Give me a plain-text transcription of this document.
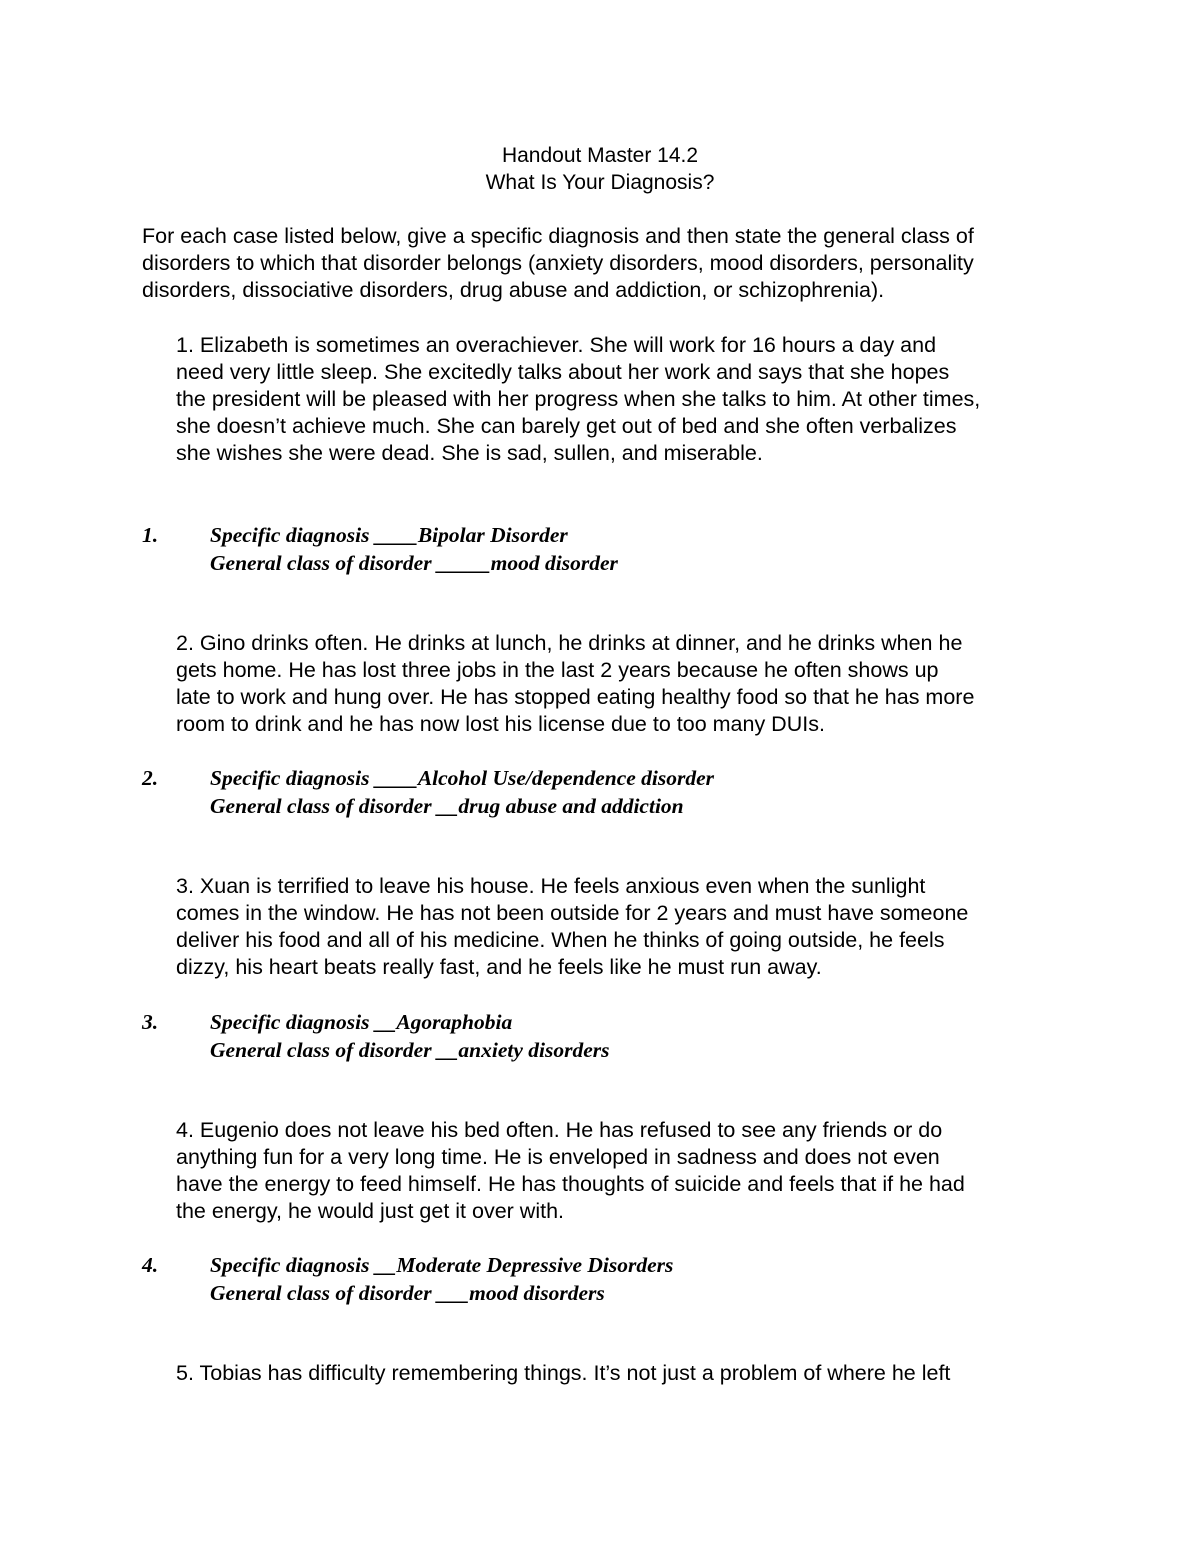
Handout Master 14.2
What Is Your Diagnosis?
For each case listed below, give a specific diagnosis and then state the general class of
disorders to which that disorder belongs (anxiety disorders, mood disorders, personality
disorders, dissociative disorders, drug abuse and addiction, or schizophrenia).
1. Elizabeth is sometimes an overachiever. She will work for 16 hours a day and
need very little sleep. She excitedly talks about her work and says that she hopes
the president will be pleased with her progress when she talks to him. At other times,
she doesn’t achieve much. She can barely get out of bed and she often verbalizes
she wishes she were dead. She is sad, sullen, and miserable.
1. Specific diagnosis ____Bipolar Disorder
General class of disorder _____mood disorder
2. Gino drinks often. He drinks at lunch, he drinks at dinner, and he drinks when he
gets home. He has lost three jobs in the last 2 years because he often shows up
late to work and hung over. He has stopped eating healthy food so that he has more
room to drink and he has now lost his license due to too many DUIs.
2. Specific diagnosis ____Alcohol Use/dependence disorder
General class of disorder __drug abuse and addiction
3. Xuan is terrified to leave his house. He feels anxious even when the sunlight
comes in the window. He has not been outside for 2 years and must have someone
deliver his food and all of his medicine. When he thinks of going outside, he feels
dizzy, his heart beats really fast, and he feels like he must run away.
3. Specific diagnosis __Agoraphobia
General class of disorder __anxiety disorders
4. Eugenio does not leave his bed often. He has refused to see any friends or do
anything fun for a very long time. He is enveloped in sadness and does not even
have the energy to feed himself. He has thoughts of suicide and feels that if he had
the energy, he would just get it over with.
4. Specific diagnosis __Moderate Depressive Disorders
General class of disorder ___mood disorders
5. Tobias has difficulty remembering things. It’s not just a problem of where he left
